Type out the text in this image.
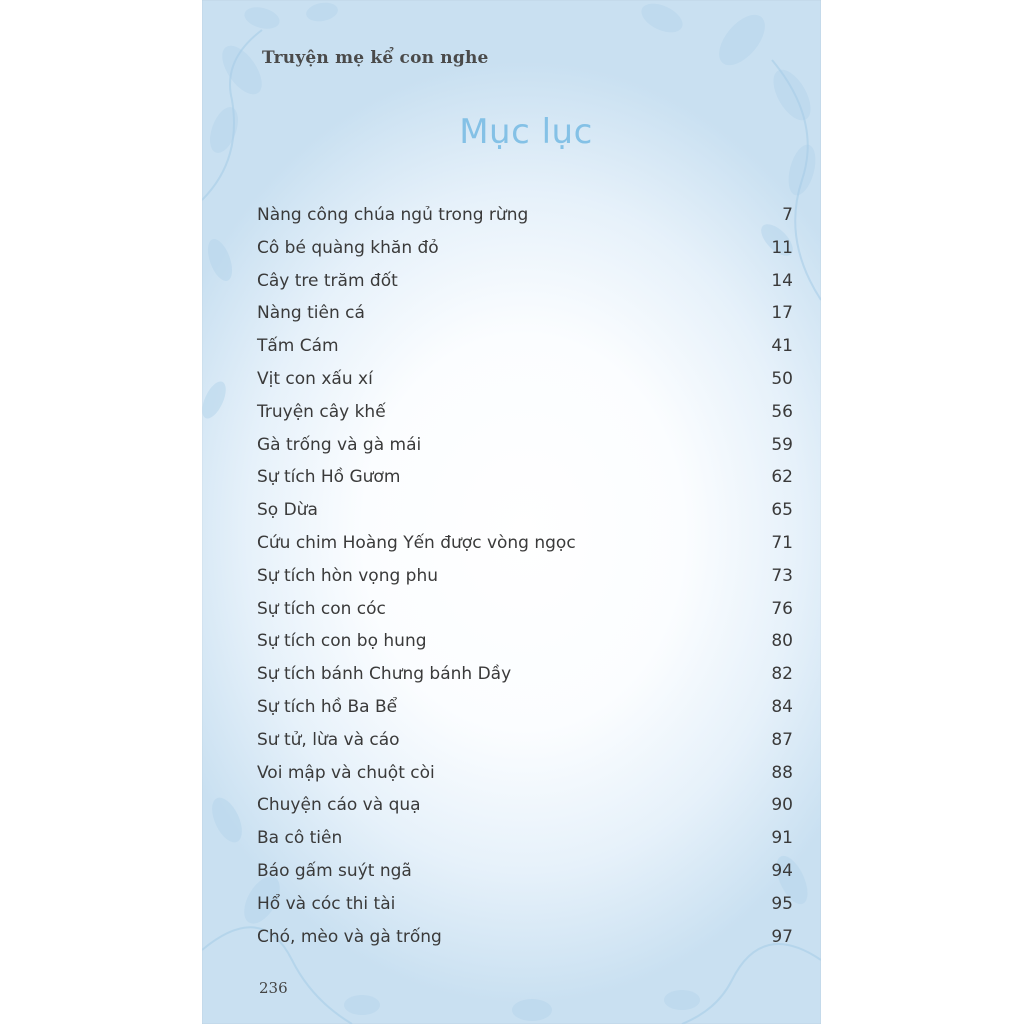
Truyện mẹ kể con nghe
Mục lục
Nàng công chúa ngủ trong rừng	7
Cô bé quàng khăn đỏ	11
Cây tre trăm đốt	14
Nàng tiên cá	17
Tấm Cám	41
Vịt con xấu xí	50
Truyện cây khế	56
Gà trống và gà mái	59
Sự tích Hồ Gươm	62
Sọ Dừa	65
Cứu chim Hoàng Yến được vòng ngọc	71
Sự tích hòn vọng phu	73
Sự tích con cóc	76
Sự tích con bọ hung	80
Sự tích bánh Chưng bánh Dầy	82
Sự tích hồ Ba Bể	84
Sư tử, lừa và cáo	87
Voi mập và chuột còi	88
Chuyện cáo và quạ	90
Ba cô tiên	91
Báo gấm suýt ngã	94
Hổ và cóc thi tài	95
Chó, mèo và gà trống	97
236
